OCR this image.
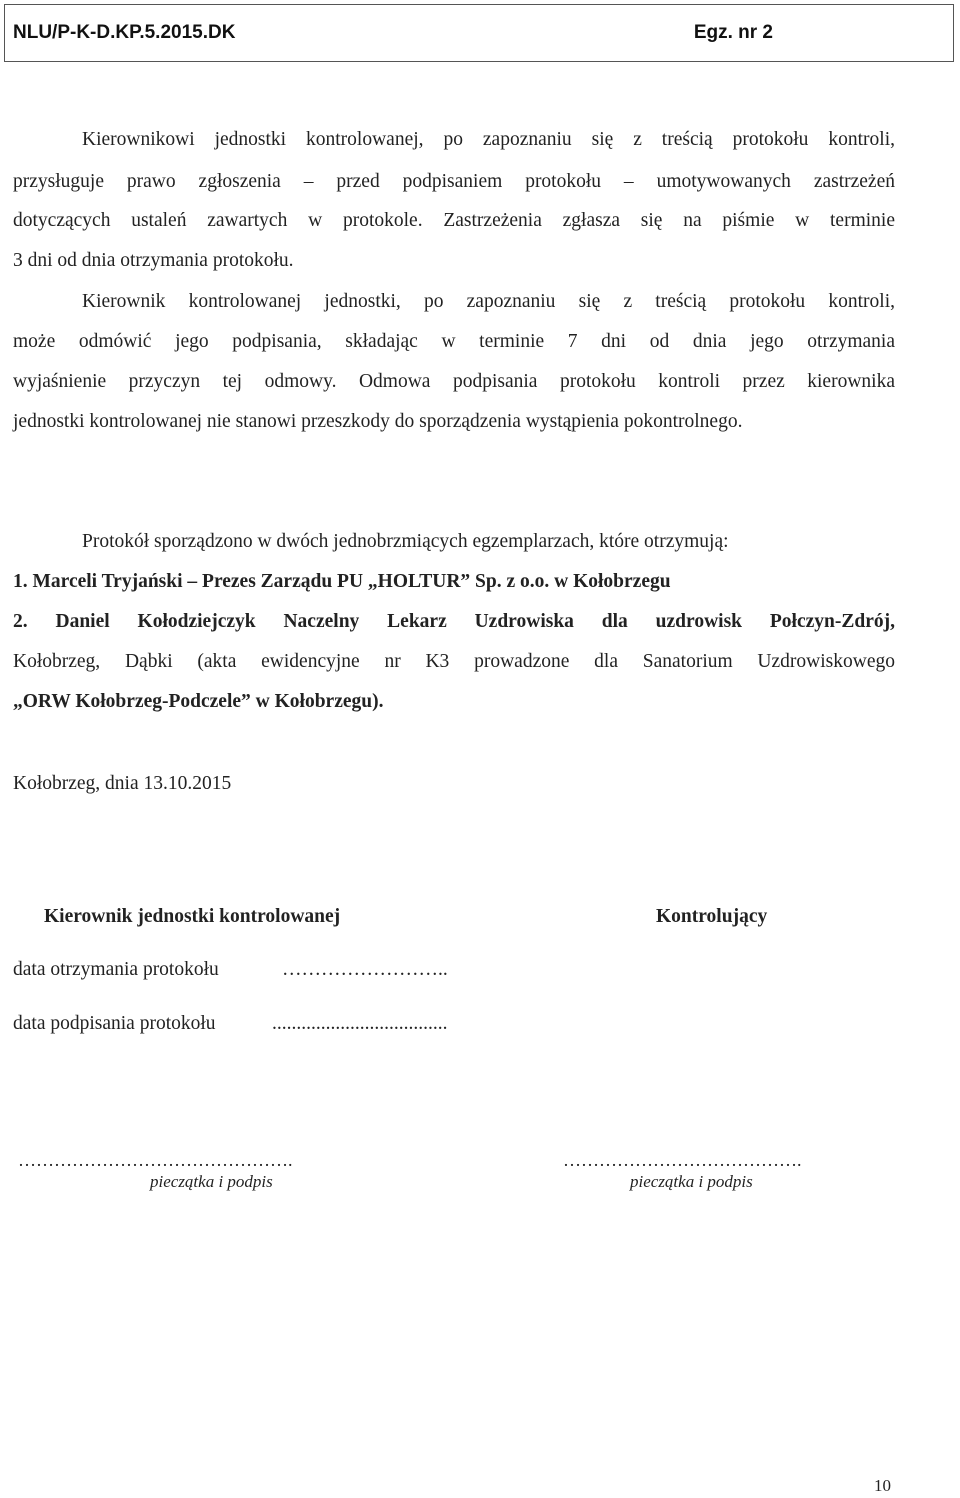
NLU/P-K-D.KP.5.2015.DK	Egz. nr 2

Kierownikowi jednostki kontrolowanej, po zapoznaniu się z treścią protokołu kontroli,

przysługuje prawo zgłoszenia – przed podpisaniem protokołu – umotywowanych zastrzeżeń

dotyczących ustaleń zawartych w protokole. Zastrzeżenia zgłasza się na piśmie w terminie

3 dni od dnia otrzymania protokołu.

Kierownik kontrolowanej jednostki, po zapoznaniu się z treścią protokołu kontroli,

może odmówić jego podpisania, składając w terminie 7 dni od dnia jego otrzymania

wyjaśnienie przyczyn tej odmowy. Odmowa podpisania protokołu kontroli przez kierownika

jednostki kontrolowanej nie stanowi przeszkody do sporządzenia wystąpienia pokontrolnego.

Protokół sporządzono w dwóch jednobrzmiących egzemplarzach, które otrzymują:

1. Marceli Tryjański – Prezes Zarządu PU „HOLTUR” Sp. z o.o. w Kołobrzegu

2. Daniel Kołodziejczyk Naczelny Lekarz Uzdrowiska dla uzdrowisk Połczyn-Zdrój,

Kołobrzeg, Dąbki (akta ewidencyjne nr K3 prowadzone dla Sanatorium Uzdrowiskowego

„ORW Kołobrzeg-Podczele” w Kołobrzegu).

Kołobrzeg, dnia 13.10.2015

Kierownik jednostki kontrolowanej	Kontrolujący

data otrzymania protokołu	……………………..

data podpisania protokołu	....................................

……………………………………….	………………………………….

pieczątka i podpis	pieczątka i podpis

10
